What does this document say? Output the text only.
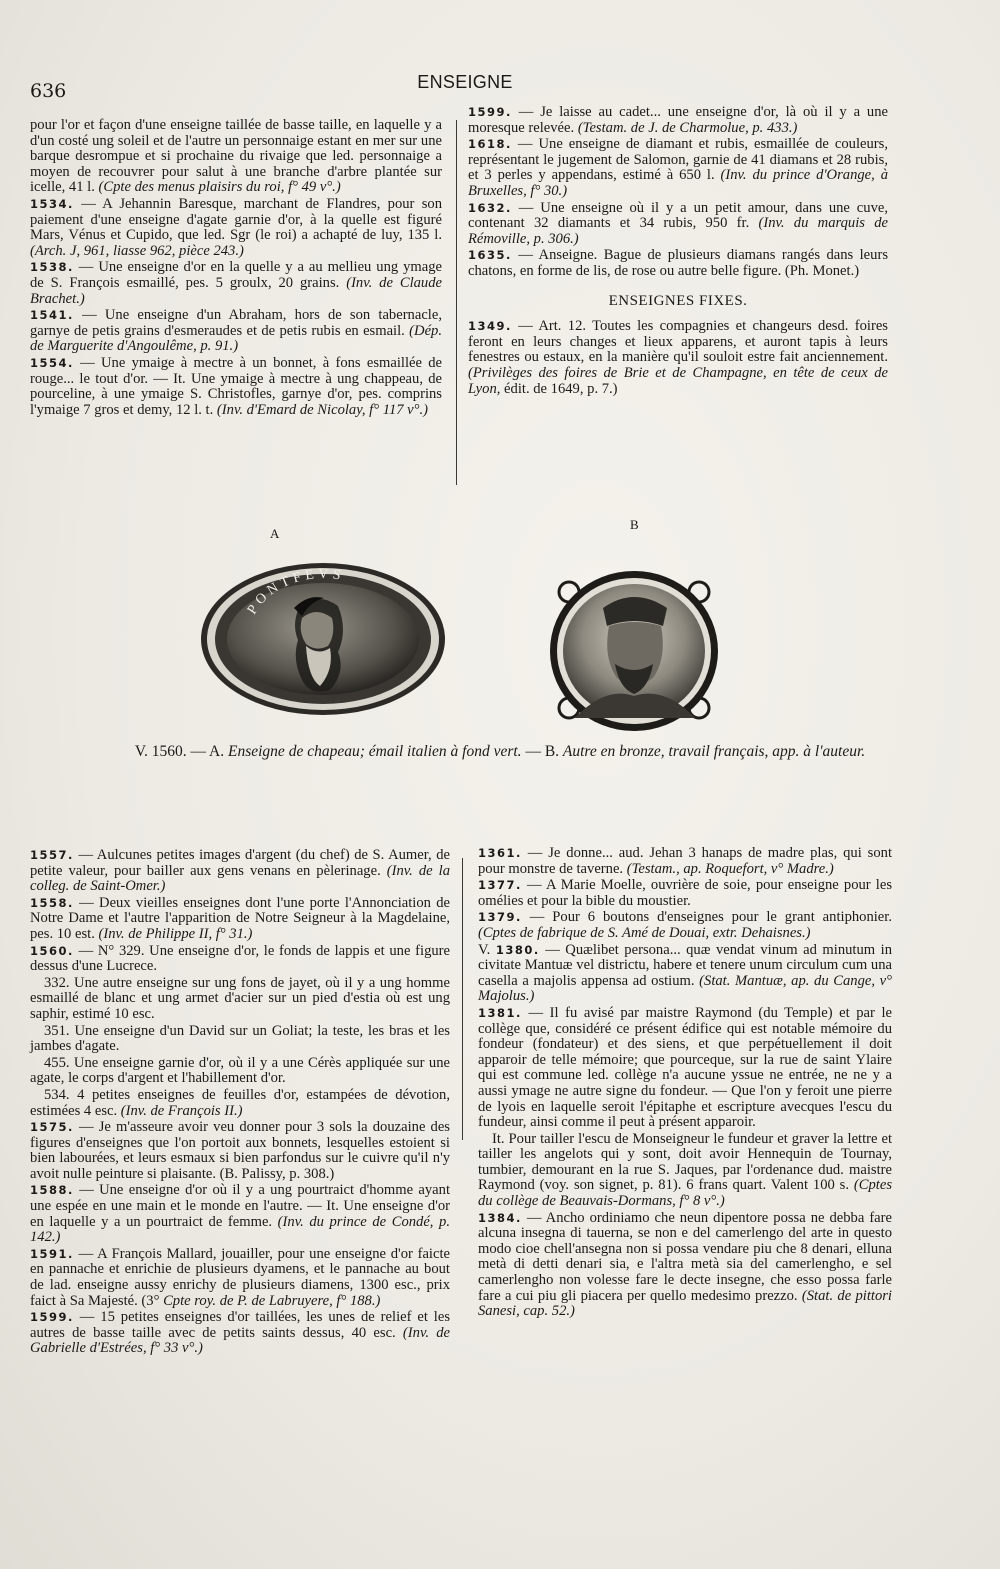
636	ENSEIGNE

pour l'or et façon d'une enseigne taillée de basse taille, en laquelle y a d'un costé ung soleil et de l'autre un personnaige estant en mer sur une barque desrompue et si prochaine du rivaige que led. personnaige a moyen de recouvrer pour salut à une branche d'arbre plantée sur icelle, 41 l. (Cpte des menus plaisirs du roi, f° 49 v°.)

1534. — A Jehannin Baresque, marchant de Flandres, pour son paiement d'une enseigne d'agate garnie d'or, à la quelle est figuré Mars, Vénus et Cupido, que led. Sgr (le roi) a achapté de luy, 135 l. (Arch. J, 961, liasse 962, pièce 243.)

1538. — Une enseigne d'or en la quelle y a au mellieu ung ymage de S. François esmaillé, pes. 5 groulx, 20 grains. (Inv. de Claude Brachet.)

1541. — Une enseigne d'un Abraham, hors de son tabernacle, garnye de petis grains d'esmeraudes et de petis rubis en esmail. (Dép. de Marguerite d'Angoulême, p. 91.)

1554. — Une ymaige à mectre à un bonnet, à fons esmaillée de rouge... le tout d'or. — It. Une ymaige à mectre à ung chappeau, de pourceline, à une ymaige S. Christofles, garnye d'or, pes. comprins l'ymaige 7 gros et demy, 12 l. t. (Inv. d'Emard de Nicolay, f° 117 v°.)

1599. — Je laisse au cadet... une enseigne d'or, là où il y a une moresque relevée. (Testam. de J. de Charmolue, p. 433.)

1618. — Une enseigne de diamant et rubis, esmaillée de couleurs, représentant le jugement de Salomon, garnie de 41 diamans et 28 rubis, et 3 perles y appendans, estimé à 650 l. (Inv. du prince d'Orange, à Bruxelles, f° 30.)

1632. — Une enseigne où il y a un petit amour, dans une cuve, contenant 32 diamants et 34 rubis, 950 fr. (Inv. du marquis de Rémoville, p. 306.)

1635. — Anseigne. Bague de plusieurs diamans rangés dans leurs chatons, en forme de lis, de rose ou autre belle figure. (Ph. Monet.)

ENSEIGNES FIXES.

1349. — Art. 12. Toutes les compagnies et changeurs desd. foires feront en leurs changes et lieux apparens, et auront tapis à leurs fenestres ou estaux, en la manière qu'il souloit estre fait anciennement. (Privilèges des foires de Brie et de Champagne, en tête de ceux de Lyon, édit. de 1649, p. 7.)

A
B
PONTFEVS
V. 1560. — A. Enseigne de chapeau; émail italien à fond vert. — B. Autre en bronze, travail français, app. à l'auteur.

1557. — Aulcunes petites images d'argent (du chef) de S. Aumer, de petite valeur, pour bailler aux gens venans en pèlerinage. (Inv. de la colleg. de Saint-Omer.)

1558. — Deux vieilles enseignes dont l'une porte l'Annonciation de Notre Dame et l'autre l'apparition de Notre Seigneur à la Magdelaine, pes. 10 est. (Inv. de Philippe II, f° 31.)

1560. — N° 329. Une enseigne d'or, le fonds de lappis et une figure dessus d'une Lucrece.

332. Une autre enseigne sur ung fons de jayet, où il y a ung homme esmaillé de blanc et ung armet d'acier sur un pied d'estia où est ung saphir, estimé 10 esc.

351. Une enseigne d'un David sur un Goliat; la teste, les bras et les jambes d'agate.

455. Une enseigne garnie d'or, où il y a une Cérès appliquée sur une agate, le corps d'argent et l'habillement d'or.

534. 4 petites enseignes de feuilles d'or, estampées de dévotion, estimées 4 esc. (Inv. de François II.)

1575. — Je m'asseure avoir veu donner pour 3 sols la douzaine des figures d'enseignes que l'on portoit aux bonnets, lesquelles estoient si bien labourées, et leurs esmaux si bien parfondus sur le cuivre qu'il n'y avoit nulle peinture si plaisante. (B. Palissy, p. 308.)

1588. — Une enseigne d'or où il y a ung pourtraict d'homme ayant une espée en une main et le monde en l'autre. — It. Une enseigne d'or en laquelle y a un pourtraict de femme. (Inv. du prince de Condé, p. 142.)

1591. — A François Mallard, jouailler, pour une enseigne d'or faicte en pannache et enrichie de plusieurs dyamens, et le pannache au bout de lad. enseigne aussy enrichy de plusieurs diamens, 1300 esc., prix faict à Sa Majesté. (3° Cpte roy. de P. de Labruyere, f° 188.)

1599. — 15 petites enseignes d'or taillées, les unes de relief et les autres de basse taille avec de petits saints dessus, 40 esc. (Inv. de Gabrielle d'Estrées, f° 33 v°.)

1361. — Je donne... aud. Jehan 3 hanaps de madre plas, qui sont pour monstre de taverne. (Testam., ap. Roquefort, v° Madre.)

1377. — A Marie Moelle, ouvrière de soie, pour enseigne pour les omélies et pour la bible du moustier.

1379. — Pour 6 boutons d'enseignes pour le grant antiphonier. (Cptes de fabrique de S. Amé de Douai, extr. Dehaisnes.)

V. 1380. — Quælibet persona... quæ vendat vinum ad minutum in civitate Mantuæ vel districtu, habere et tenere unum circulum cum una casella a majolis appensa ad ostium. (Stat. Mantuæ, ap. du Cange, v° Majolus.)

1381. — Il fu avisé par maistre Raymond (du Temple) et par le collège que, considéré ce présent édifice qui est notable mémoire du fondeur (fondateur) et des siens, et que perpétuellement il doit apparoir de telle mémoire; que pourceque, sur la rue de saint Ylaire qui est commune led. collège n'a aucune yssue ne entrée, ne ne y a aussi ymage ne autre signe du fondeur. — Que l'on y feroit une pierre de lyois en laquelle seroit l'épitaphe et escripture avecques l'escu du fundeur, ainsi comme il peut à présent apparoir.

It. Pour tailler l'escu de Monseigneur le fundeur et graver la lettre et tailler les angelots qui y sont, doit avoir Hennequin de Tournay, tumbier, demourant en la rue S. Jaques, par l'ordenance dud. maistre Raymond (voy. son signet, p. 81). 6 frans quart. Valent 100 s. (Cptes du collège de Beauvais-Dormans, f° 8 v°.)

1384. — Ancho ordiniamo che neun dipentore possa ne debba fare alcuna insegna di tauerna, se non e del camerlengo del arte in questo modo cioe chell'ansegna non si possa vendare piu che 8 denari, elluna metà di detti denari sia, e l'altra metà sia del camerlengho, e sel camerlengho non volesse fare le decte insegne, che esso possa farle fare a cui piu gli piacera per quello medesimo prezzo. (Stat. de pittori Sanesi, cap. 52.)
